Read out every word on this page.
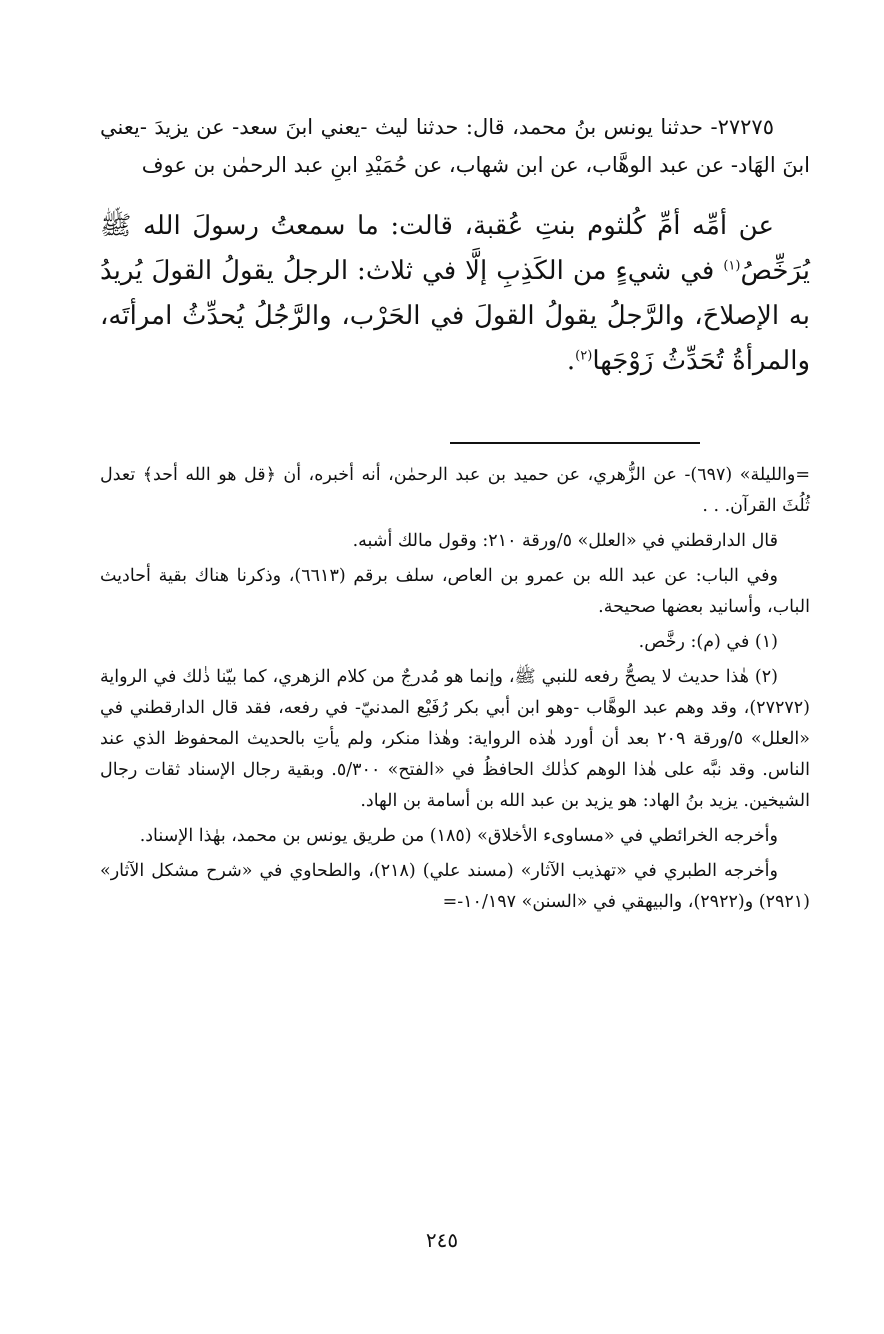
٢٧٢٧٥- حدثنا يونس بنُ محمد، قال: حدثنا ليث -يعني ابنَ سعد- عن يزيدَ -يعني ابنَ الهَاد- عن عبد الوهَّاب، عن ابن شهاب، عن حُمَيْدِ ابنِ عبد الرحمٰن بن عوف

عن أمِّه أمِّ كُلثوم بنتِ عُقبة، قالت: ما سمعتُ رسولَ الله ﷺ يُرَخِّصُ$^{(١)}$ في شيءٍ من الكَذِبِ إلَّا في ثلاث: الرجلُ يقولُ القولَ يُريدُ به الإصلاحَ، والرَّجلُ يقولُ القولَ في الحَرْب، والرَّجُلُ يُحدِّثُ امرأتَه، والمرأةُ تُحَدِّثُ زَوْجَها$^{(٢)}$.

=والليلة» (٦٩٧)- عن الزُّهري، عن حميد بن عبد الرحمٰن، أنه أخبره، أن ﴿قل هو الله أحد﴾ تعدل ثُلُثَ القرآن. . .

قال الدارقطني في «العلل» ٥/ورقة ٢١٠: وقول مالك أشبه.

وفي الباب: عن عبد الله بن عمرو بن العاص، سلف برقم (٦٦١٣)، وذكرنا هناك بقية أحاديث الباب، وأسانيد بعضها صحيحة.

(١) في (م): رخَّص.

(٢) هٰذا حديث لا يصحُّ رفعه للنبي ﷺ، وإنما هو مُدرجٌ من كلام الزهري، كما بيّنا ذٰلك في الرواية (٢٧٢٧٢)، وقد وهم عبد الوهَّاب -وهو ابن أبي بكر رُفَيْع المدنيّ- في رفعه، فقد قال الدارقطني في «العلل» ٥/ورقة ٢٠٩ بعد أن أورد هٰذه الرواية: وهٰذا منكر، ولم يأتِ بالحديث المحفوظ الذي عند الناس. وقد نبَّه على هٰذا الوهم كذٰلك الحافظُ في «الفتح» ٥/٣٠٠. وبقية رجال الإسناد ثقات رجال الشيخين. يزيد بنُ الهاد: هو يزيد بن عبد الله بن أسامة بن الهاد.

وأخرجه الخرائطي في «مساوىء الأخلاق» (١٨٥) من طريق يونس بن محمد، بهٰذا الإسناد.

وأخرجه الطبري في «تهذيب الآثار» (مسند علي) (٢١٨)، والطحاوي في «شرح مشكل الآثار» (٢٩٢١) و(٢٩٢٢)، والبيهقي في «السنن» ١٠/١٩٧-=

٢٤٥
